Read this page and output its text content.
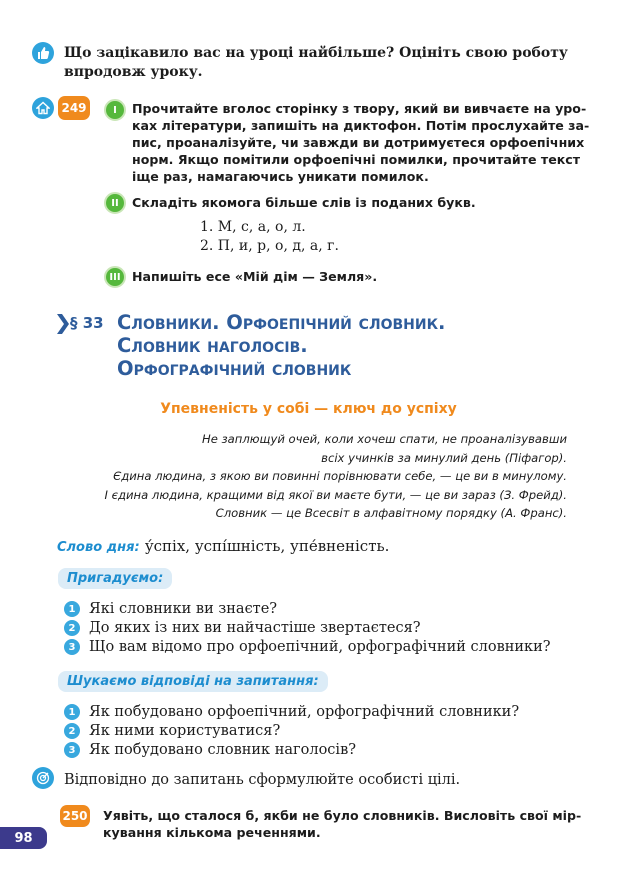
Що зацікавило вас на уроці найбільше? Оцініть свою роботу
впродовж уроку.
249	I	Прочитайте вголос сторінку з твору, який ви вивчаєте на уро-
ках літератури, запишіть на диктофон. Потім прослухайте за-
пис, проаналізуйте, чи завжди ви дотримуєтеся орфоепічних
норм. Якщо помітили орфоепічні помилки, прочитайте текст
іще раз, намагаючись уникати помилок.
II	Складіть якомога більше слів із поданих букв.
1. М, с, а, о, л.
2. П, и, р, о, д, а, г.
III Напишіть есе «Мій дім — Земля».
§ 33 Словники. Орфоепічний словник.
Словник наголосів.
Орфографічний словник
Упевненість у собі — ключ до успіху
Не заплющуй очей, коли хочеш спати, не проаналізувавши
всіх учинків за минулий день (Піфагор).
Єдина людина, з якою ви повинні порівнювати себе, — це ви в минулому.
І єдина людина, кращими від якої ви маєте бути, — це ви зараз (З. Фрейд).
Словник — це Всесвіт в алфавітному порядку (А. Франс).
Слово дня: у́спіх, успі́шність, упе́вненість.
Пригадуємо:
1 Які словники ви знаєте?
2 До яких із них ви найчастіше звертаєтеся?
3 Що вам відомо про орфоепічний, орфографічний словники?
Шукаємо відповіді на запитання:
1 Як побудовано орфоепічний, орфографічний словники?
2 Як ними користуватися?
3 Як побудовано словник наголосів?
Відповідно до запитань сформулюйте особисті цілі.
250 Уявіть, що сталося б, якби не було словників. Висловіть свої мір-
кування кількома реченнями.
98
